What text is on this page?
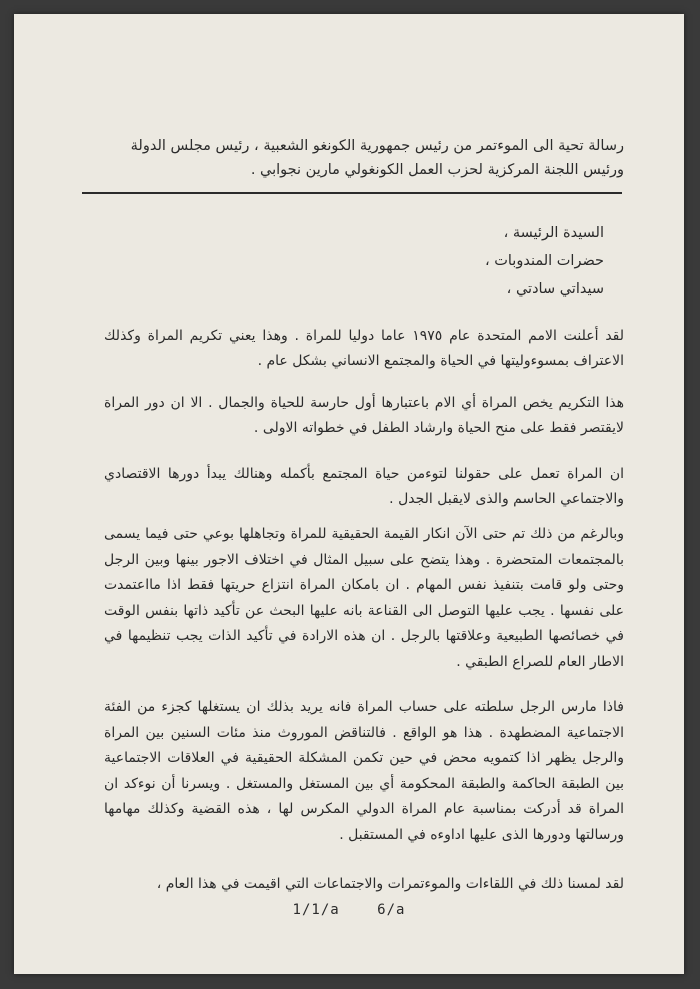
رسالة تحية الى الموءتمر من رئيس جمهورية الكونغو الشعبية ، رئيس مجلس الدولة
ورئيس اللجنة المركزية لحزب العمل الكونغولي مارين نجوابي .
السيدة الرئيسة ،
حضرات المندوبات ،
سيداتي سادتي ،
لقد أعلنت الامم المتحدة عام ١٩٧٥ عاما دوليا للمراة . وهذا يعني تكريم المراة وكذلك الاعتراف بمسوءوليتها في الحياة والمجتمع الانساني بشكل عام .
هذا التكريم يخص المراة أي الام باعتبارها أول حارسة للحياة والجمال . الا ان دور المراة لايقتصر فقط على منح الحياة وارشاد الطفل في خطواته الاولى .
ان المراة تعمل على حقولنا لتوءمن حياة المجتمع بأكمله وهنالك يبدأ دورها الاقتصادي والاجتماعي الحاسم والذى لايقبل الجدل .
وبالرغم من ذلك تم حتى الآن انكار القيمة الحقيقية للمراة وتجاهلها بوعي حتى فيما يسمى بالمجتمعات المتحضرة . وهذا يتضح على سبيل المثال في اختلاف الاجور بينها وبين الرجل وحتى ولو قامت بتنفيذ نفس المهام . ان بامكان المراة انتزاع حريتها فقط اذا مااعتمدت على نفسها . يجب عليها التوصل الى القناعة بانه عليها البحث عن تأكيد ذاتها بنفس الوقت في خصائصها الطبيعية وعلاقتها بالرجل . ان هذه الارادة في تأكيد الذات يجب تنظيمها في الاطار العام للصراع الطبقي .
فاذا مارس الرجل سلطته على حساب المراة فانه يريد بذلك ان يستغلها كجزء من الفئة الاجتماعية المضطهدة . هذا هو الواقع . فالتناقض الموروث منذ مئات السنين بين المراة والرجل يظهر اذا كتمويه محض في حين تكمن المشكلة الحقيقية في العلاقات الاجتماعية بين الطبقة الحاكمة والطبقة المحكومة أي بين المستغل والمستغل . ويسرنا أن نوءكد ان المراة قد أدركت بمناسبة عام المراة الدولي المكرس لها ، هذه القضية وكذلك مهامها ورسالتها ودورها الذى عليها اداوءه في المستقبل .
لقد لمسنا ذلك في اللقاءات والموءتمرات والاجتماعات التي اقيمت في هذا العام ،
1/1/a	6/a
